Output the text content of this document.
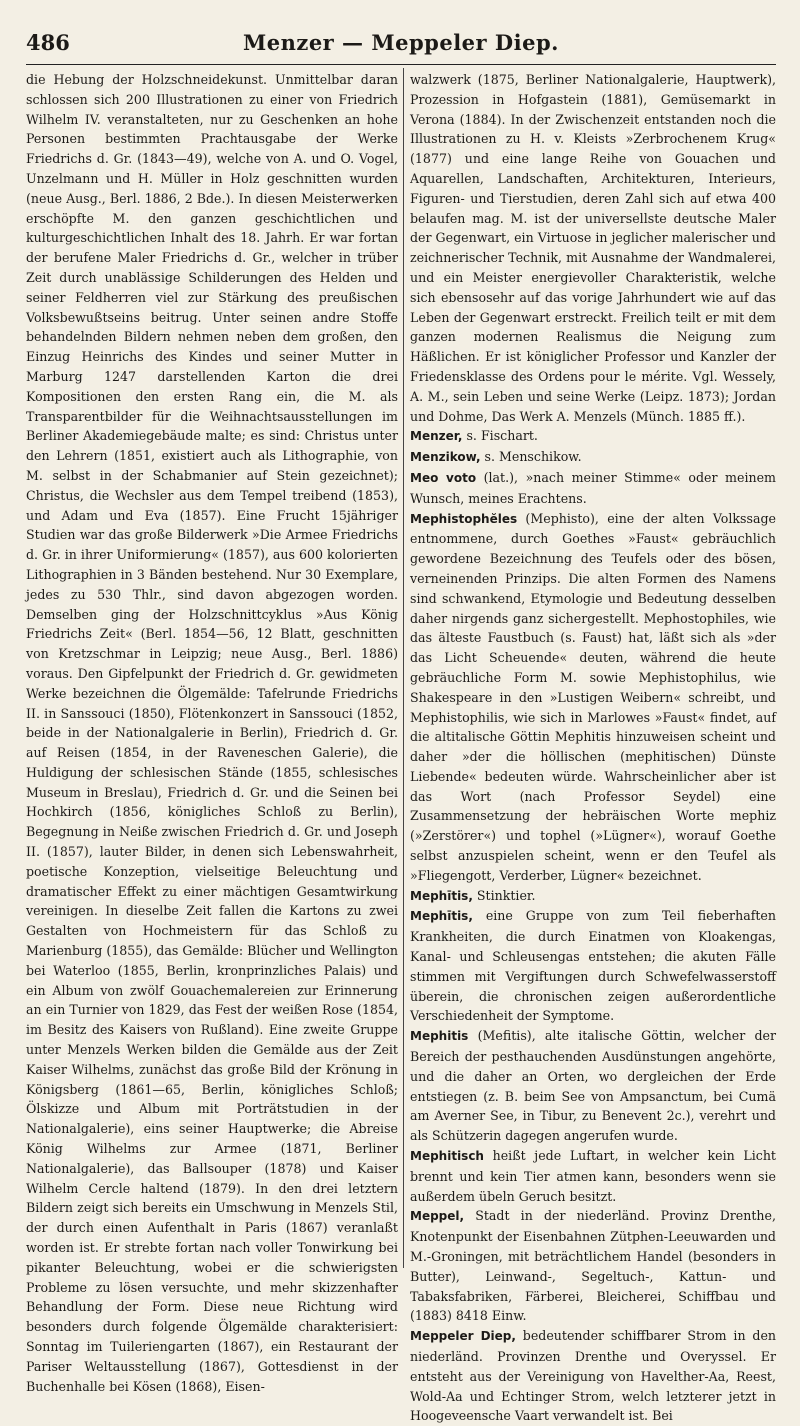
486	Menzer — Meppeler Diep.

die Hebung der Holzschneidekunst. Unmittelbar daran schlossen sich 200 Illustrationen zu einer von Friedrich Wilhelm IV. veranstalteten, nur zu Geschenken an hohe Personen bestimmten Prachtausgabe der Werke Friedrichs d. Gr. (1843—49), welche von A. und O. Vogel, Unzelmann und H. Müller in Holz geschnitten wurden (neue Ausg., Berl. 1886, 2 Bde.). In diesen Meisterwerken erschöpfte M. den ganzen geschichtlichen und kulturgeschichtlichen Inhalt des 18. Jahrh. Er war fortan der berufene Maler Friedrichs d. Gr., welcher in trüber Zeit durch unablässige Schilderungen des Helden und seiner Feldherren viel zur Stärkung des preußischen Volksbewußtseins beitrug. Unter seinen andre Stoffe behandelnden Bildern nehmen neben dem großen, den Einzug Heinrichs des Kindes und seiner Mutter in Marburg 1247 darstellenden Karton die drei Kompositionen den ersten Rang ein, die M. als Transparentbilder für die Weihnachtsausstellungen im Berliner Akademiegebäude malte; es sind: Christus unter den Lehrern (1851, existiert auch als Lithographie, von M. selbst in der Schabmanier auf Stein gezeichnet); Christus, die Wechsler aus dem Tempel treibend (1853), und Adam und Eva (1857). Eine Frucht 15jähriger Studien war das große Bilderwerk »Die Armee Friedrichs d. Gr. in ihrer Uniformierung« (1857), aus 600 kolorierten Lithographien in 3 Bänden bestehend. Nur 30 Exemplare, jedes zu 530 Thlr., sind davon abgezogen worden. Demselben ging der Holzschnittcyklus »Aus König Friedrichs Zeit« (Berl. 1854—56, 12 Blatt, geschnitten von Kretzschmar in Leipzig; neue Ausg., Berl. 1886) voraus. Den Gipfelpunkt der Friedrich d. Gr. gewidmeten Werke bezeichnen die Ölgemälde: Tafelrunde Friedrichs II. in Sanssouci (1850), Flötenkonzert in Sanssouci (1852, beide in der Nationalgalerie in Berlin), Friedrich d. Gr. auf Reisen (1854, in der Raveneschen Galerie), die Huldigung der schlesischen Stände (1855, schlesisches Museum in Breslau), Friedrich d. Gr. und die Seinen bei Hochkirch (1856, königliches Schloß zu Berlin), Begegnung in Neiße zwischen Friedrich d. Gr. und Joseph II. (1857), lauter Bilder, in denen sich Lebenswahrheit, poetische Konzeption, vielseitige Beleuchtung und dramatischer Effekt zu einer mächtigen Gesamtwirkung vereinigen. In dieselbe Zeit fallen die Kartons zu zwei Gestalten von Hochmeistern für das Schloß zu Marienburg (1855), das Gemälde: Blücher und Wellington bei Waterloo (1855, Berlin, kronprinzliches Palais) und ein Album von zwölf Gouachemalereien zur Erinnerung an ein Turnier von 1829, das Fest der weißen Rose (1854, im Besitz des Kaisers von Rußland). Eine zweite Gruppe unter Menzels Werken bilden die Gemälde aus der Zeit Kaiser Wilhelms, zunächst das große Bild der Krönung in Königsberg (1861—65, Berlin, königliches Schloß; Ölskizze und Album mit Porträtstudien in der Nationalgalerie), eins seiner Hauptwerke; die Abreise König Wilhelms zur Armee (1871, Berliner Nationalgalerie), das Ballsouper (1878) und Kaiser Wilhelm Cercle haltend (1879). In den drei letztern Bildern zeigt sich bereits ein Umschwung in Menzels Stil, der durch einen Aufenthalt in Paris (1867) veranlaßt worden ist. Er strebte fortan nach voller Tonwirkung bei pikanter Beleuchtung, wobei er die schwierigsten Probleme zu lösen versuchte, und mehr skizzenhafter Behandlung der Form. Diese neue Richtung wird besonders durch folgende Ölgemälde charakterisiert: Sonntag im Tuileriengarten (1867), ein Restaurant der Pariser Weltausstellung (1867), Gottesdienst in der Buchenhalle bei Kösen (1868), Eisen-

walzwerk (1875, Berliner Nationalgalerie, Hauptwerk), Prozession in Hofgastein (1881), Gemüsemarkt in Verona (1884). In der Zwischenzeit entstanden noch die Illustrationen zu H. v. Kleists »Zerbrochenem Krug« (1877) und eine lange Reihe von Gouachen und Aquarellen, Landschaften, Architekturen, Interieurs, Figuren- und Tierstudien, deren Zahl sich auf etwa 400 belaufen mag. M. ist der universellste deutsche Maler der Gegenwart, ein Virtuose in jeglicher malerischer und zeichnerischer Technik, mit Ausnahme der Wandmalerei, und ein Meister energievoller Charakteristik, welche sich ebensosehr auf das vorige Jahrhundert wie auf das Leben der Gegenwart erstreckt. Freilich teilt er mit dem ganzen modernen Realismus die Neigung zum Häßlichen. Er ist königlicher Professor und Kanzler der Friedensklasse des Ordens pour le mérite. Vgl. Wessely, A. M., sein Leben und seine Werke (Leipz. 1873); Jordan und Dohme, Das Werk A. Menzels (Münch. 1885 ff.).

Menzer, s. Fischart.

Menzikow, s. Menschikow.

Meo voto (lat.), »nach meiner Stimme« oder meinem Wunsch, meines Erachtens.

Mephistophĕles (Mephisto), eine der alten Volkssage entnommene, durch Goethes »Faust« gebräuchlich gewordene Bezeichnung des Teufels oder des bösen, verneinenden Prinzips. Die alten Formen des Namens sind schwankend, Etymologie und Bedeutung desselben daher nirgends ganz sichergestellt. Mephostophiles, wie das älteste Faustbuch (s. Faust) hat, läßt sich als »der das Licht Scheuende« deuten, während die heute gebräuchliche Form M. sowie Mephistophilus, wie Shakespeare in den »Lustigen Weibern« schreibt, und Mephistophilis, wie sich in Marlowes »Faust« findet, auf die altitalische Göttin Mephitis hinzuweisen scheint und daher »der die höllischen (mephitischen) Dünste Liebende« bedeuten würde. Wahrscheinlicher aber ist das Wort (nach Professor Seydel) eine Zusammensetzung der hebräischen Worte mephiz (»Zerstörer«) und tophel (»Lügner«), worauf Goethe selbst anzuspielen scheint, wenn er den Teufel als »Fliegengott, Verderber, Lügner« bezeichnet.

Mephītis, Stinktier.

Mephītis, eine Gruppe von zum Teil fieberhaften Krankheiten, die durch Einatmen von Kloakengas, Kanal- und Schleusengas entstehen; die akuten Fälle stimmen mit Vergiftungen durch Schwefelwasserstoff überein, die chronischen zeigen außerordentliche Verschiedenheit der Symptome.

Mephitis (Mefitis), alte italische Göttin, welcher der Bereich der pesthauchenden Ausdünstungen angehörte, und die daher an Orten, wo dergleichen der Erde entstiegen (z. B. beim See von Ampsanctum, bei Cumä am Averner See, in Tibur, zu Benevent 2c.), verehrt und als Schützerin dagegen angerufen wurde.

Mephitisch heißt jede Luftart, in welcher kein Licht brennt und kein Tier atmen kann, besonders wenn sie außerdem übeln Geruch besitzt.

Meppel, Stadt in der niederländ. Provinz Drenthe, Knotenpunkt der Eisenbahnen Zütphen-Leeuwarden und M.-Groningen, mit beträchtlichem Handel (besonders in Butter), Leinwand-, Segeltuch-, Kattun- und Tabaksfabriken, Färberei, Bleicherei, Schiffbau und (1883) 8418 Einw.

Meppeler Diep, bedeutender schiffbarer Strom in den niederländ. Provinzen Drenthe und Overyssel. Er entsteht aus der Vereinigung von Havelther-Aa, Reest, Wold-Aa und Echtinger Strom, welch letzterer jetzt in Hoogeveensche Vaart verwandelt ist. Bei
